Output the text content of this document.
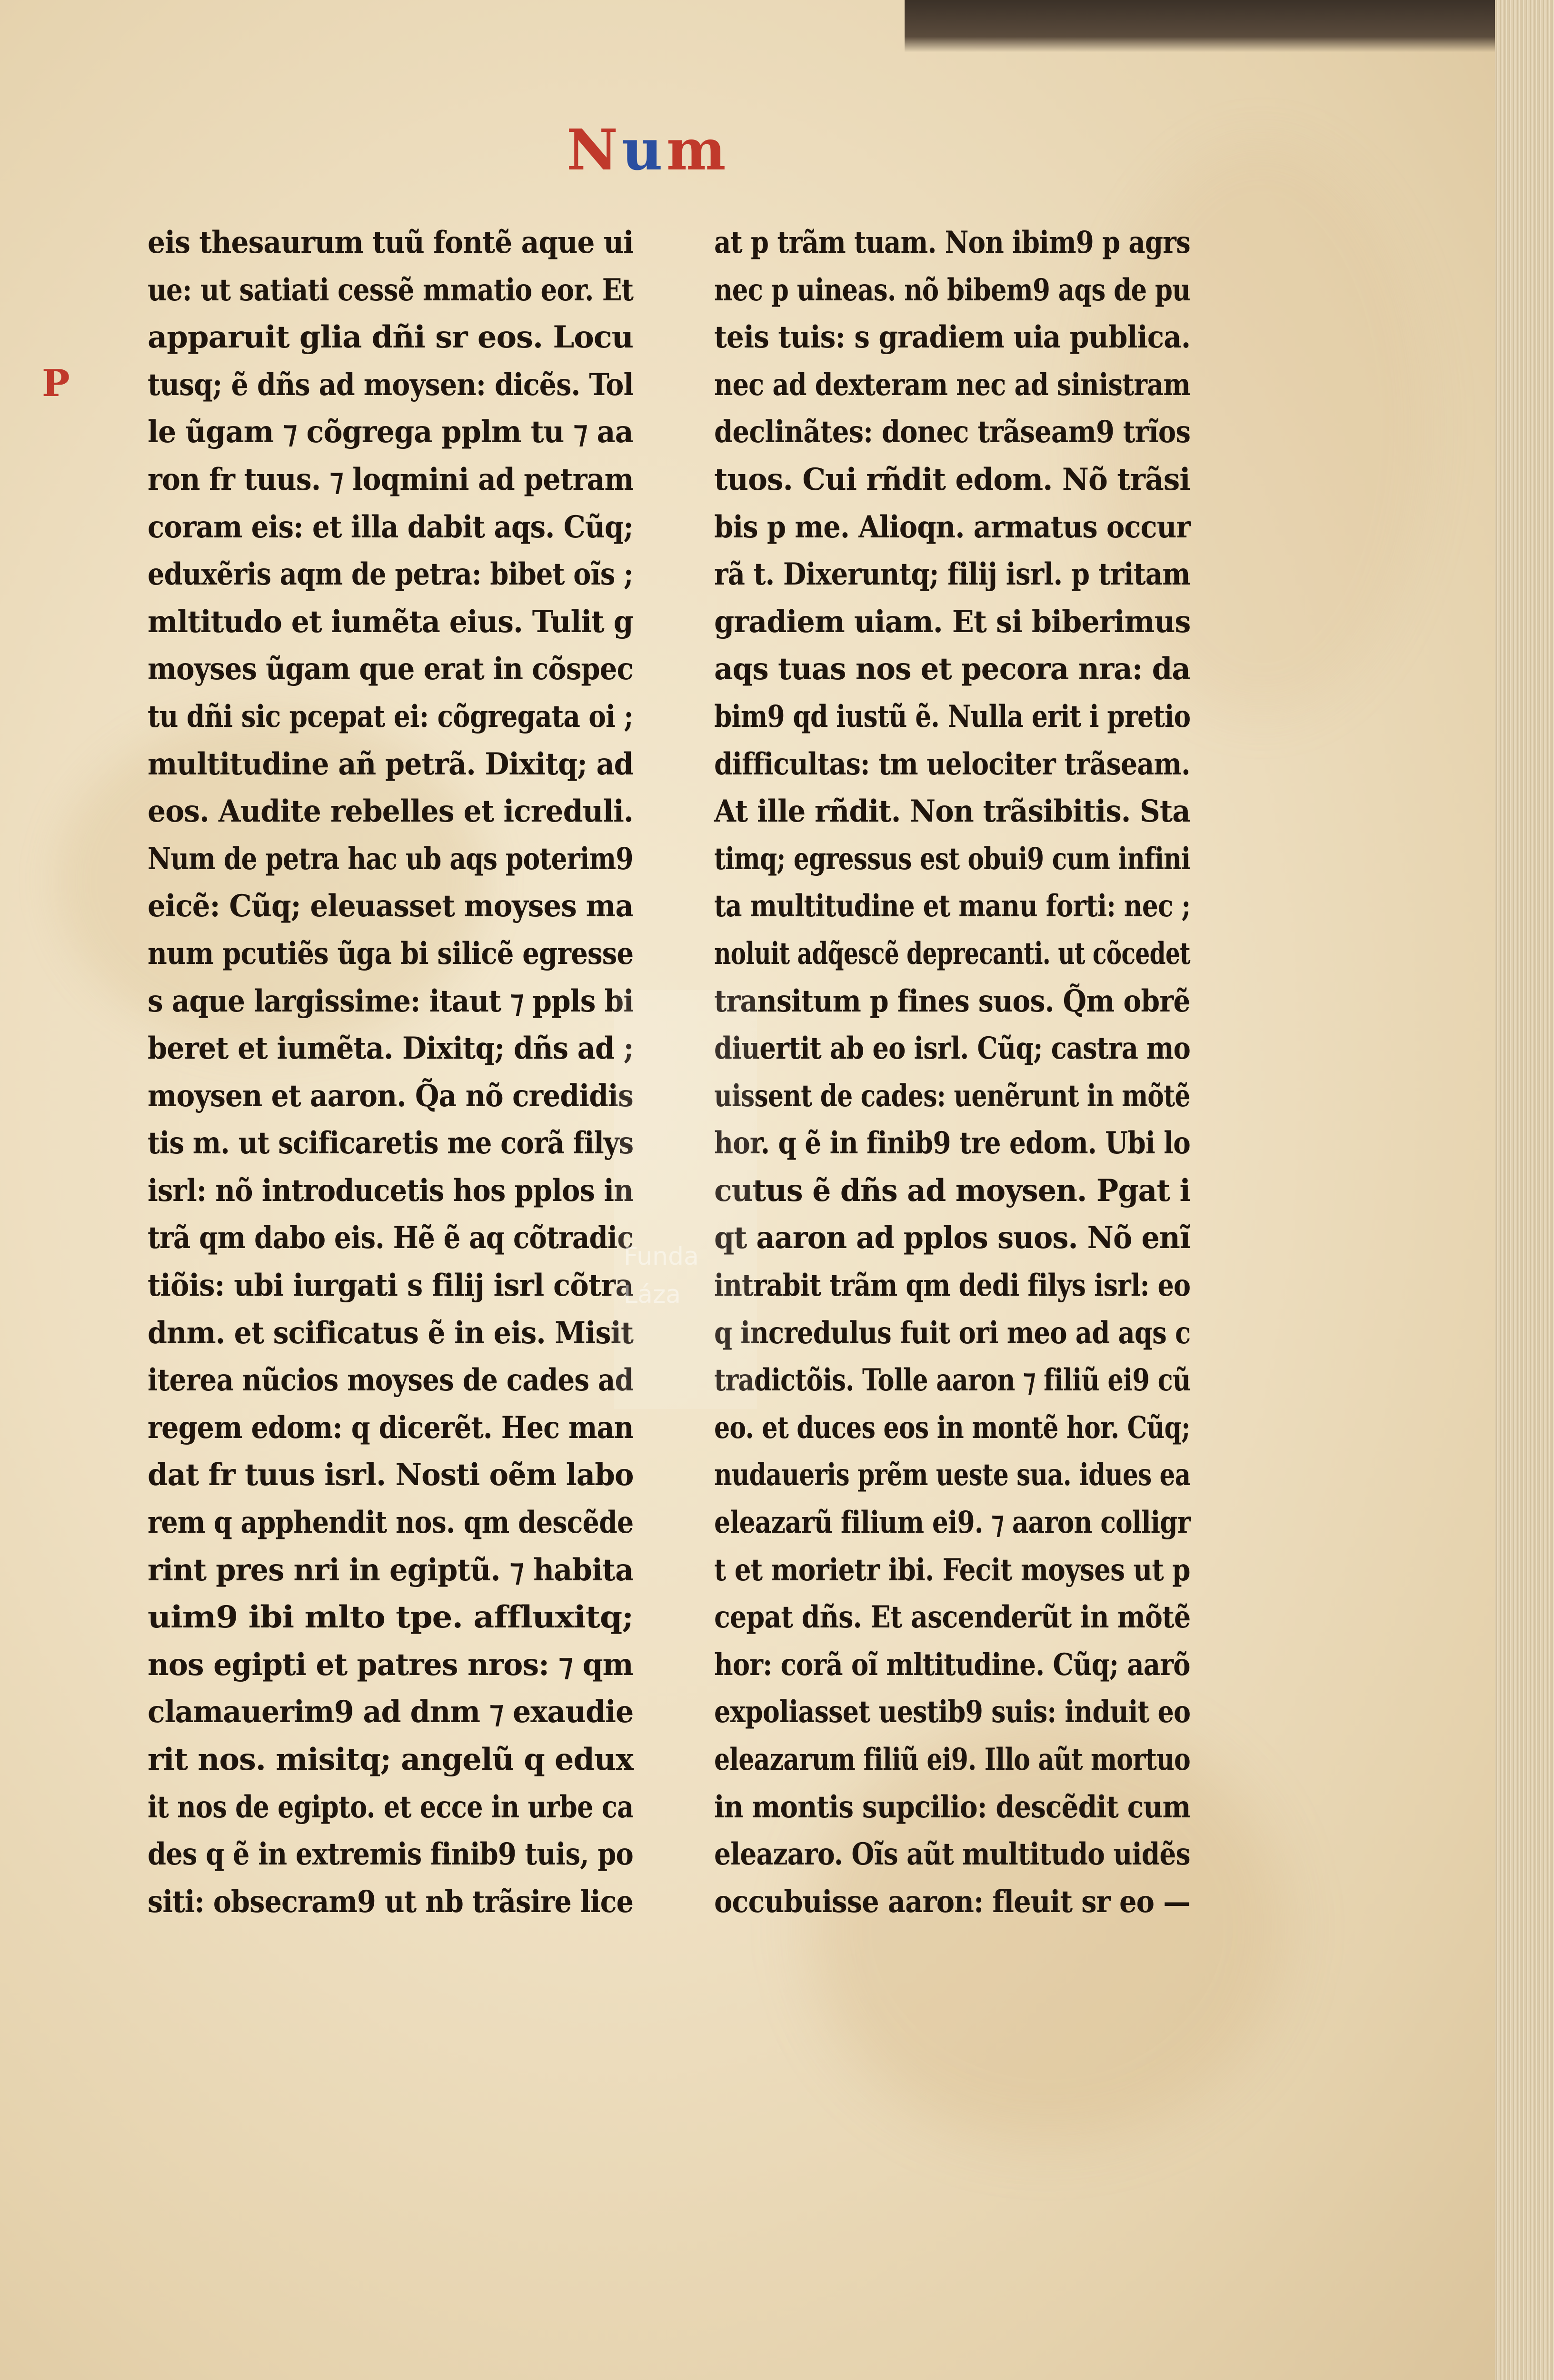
Num
P
eis thesaurum tuũ fontẽ aque ui
ue: ut satiati cessẽ mmatio eor. Et
apparuit glia dñi sr eos. Locu
tusq; ẽ dñs ad moysen: dicẽs. Tol
le ũgam ⁊ cõgrega pplm tu ⁊ aa
ron fr tuus. ⁊ loqmini ad petram
coram eis: et illa dabit aqs. Cũq;
eduxẽris aqm de petra: bibet oĩs ;
mltitudo et iumẽta eius. Tulit g
moyses ũgam que erat in cõspec
tu dñi sic pcepat ei: cõgregata oi ;
multitudine añ petrã. Dixitq; ad
eos. Audite rebelles et icreduli.
Num de petra hac ub aqs poterim9
eicẽ: Cũq; eleuasset moyses ma
num pcutiẽs ũga bi silicẽ egresse
s aque largissime: itaut ⁊ ppls bi
beret et iumẽta. Dixitq; dñs ad ;
moysen et aaron. Q̃a nõ credidis
tis m. ut scificaretis me corã filys
isrl: nõ introducetis hos pplos in
trã qm dabo eis. Hẽ ẽ aq cõtradic
tiõis: ubi iurgati s filij isrl cõtra
dnm. et scificatus ẽ in eis. Misit
iterea nũcios moyses de cades ad
regem edom: q dicerẽt. Hec man
dat fr tuus isrl. Nosti oẽm labo
rem q apphendit nos. qm descẽde
rint pres nri in egiptũ. ⁊ habita
uim9 ibi mlto tpe. affluxitq;
nos egipti et patres nros: ⁊ qm
clamauerim9 ad dnm ⁊ exaudie
rit nos. misitq; angelũ q edux
it nos de egipto. et ecce in urbe ca
des q ẽ in extremis finib9 tuis, po
siti: obsecram9 ut nb trãsire lice
at p trãm tuam. Non ibim9 p agrs
nec p uineas. nõ bibem9 aqs de pu
teis tuis: s gradiem uia publica.
nec ad dexteram nec ad sinistram
declinãtes: donec trãseam9 trĩos
tuos. Cui rñdit edom. Nõ trãsi
bis p me. Alioqn. armatus occur
rã t. Dixeruntq; filij isrl. p tritam
gradiem uiam. Et si biberimus
aqs tuas nos et pecora nra: da
bim9 qd iustũ ẽ. Nulla erit i pretio
difficultas: tm uelociter trãseam.
At ille rñdit. Non trãsibitis. Sta
timq; egressus est obui9 cum infini
ta multitudine et manu forti: nec ;
noluit adq̃escẽ deprecanti. ut cõcedet
transitum p fines suos. Q̃m obrẽ
diuertit ab eo isrl. Cũq; castra mo
uissent de cades: uenẽrunt in mõtẽ
hor. q ẽ in finib9 tre edom. Ubi lo
cutus ẽ dñs ad moysen. Pgat i
qt aaron ad pplos suos. Nõ enĩ
intrabit trãm qm dedi filys isrl: eo
q incredulus fuit ori meo ad aqs c
tradictõis. Tolle aaron ⁊ filiũ ei9 cũ
eo. et duces eos in montẽ hor. Cũq;
nudaueris prẽm ueste sua. idues ea
eleazarũ filium ei9. ⁊ aaron colligr
t et morietr ibi. Fecit moyses ut p
cepat dñs. Et ascenderũt in mõtẽ
hor: corã oĩ mltitudine. Cũq; aarõ
expoliasset uestib9 suis: induit eo
eleazarum filiũ ei9. Illo aũt mortuo
in montis supcilio: descẽdit cum
eleazaro. Oĩs aũt multitudo uidẽs
occubuisse aaron: fleuit sr eo —
Funda
Láza
